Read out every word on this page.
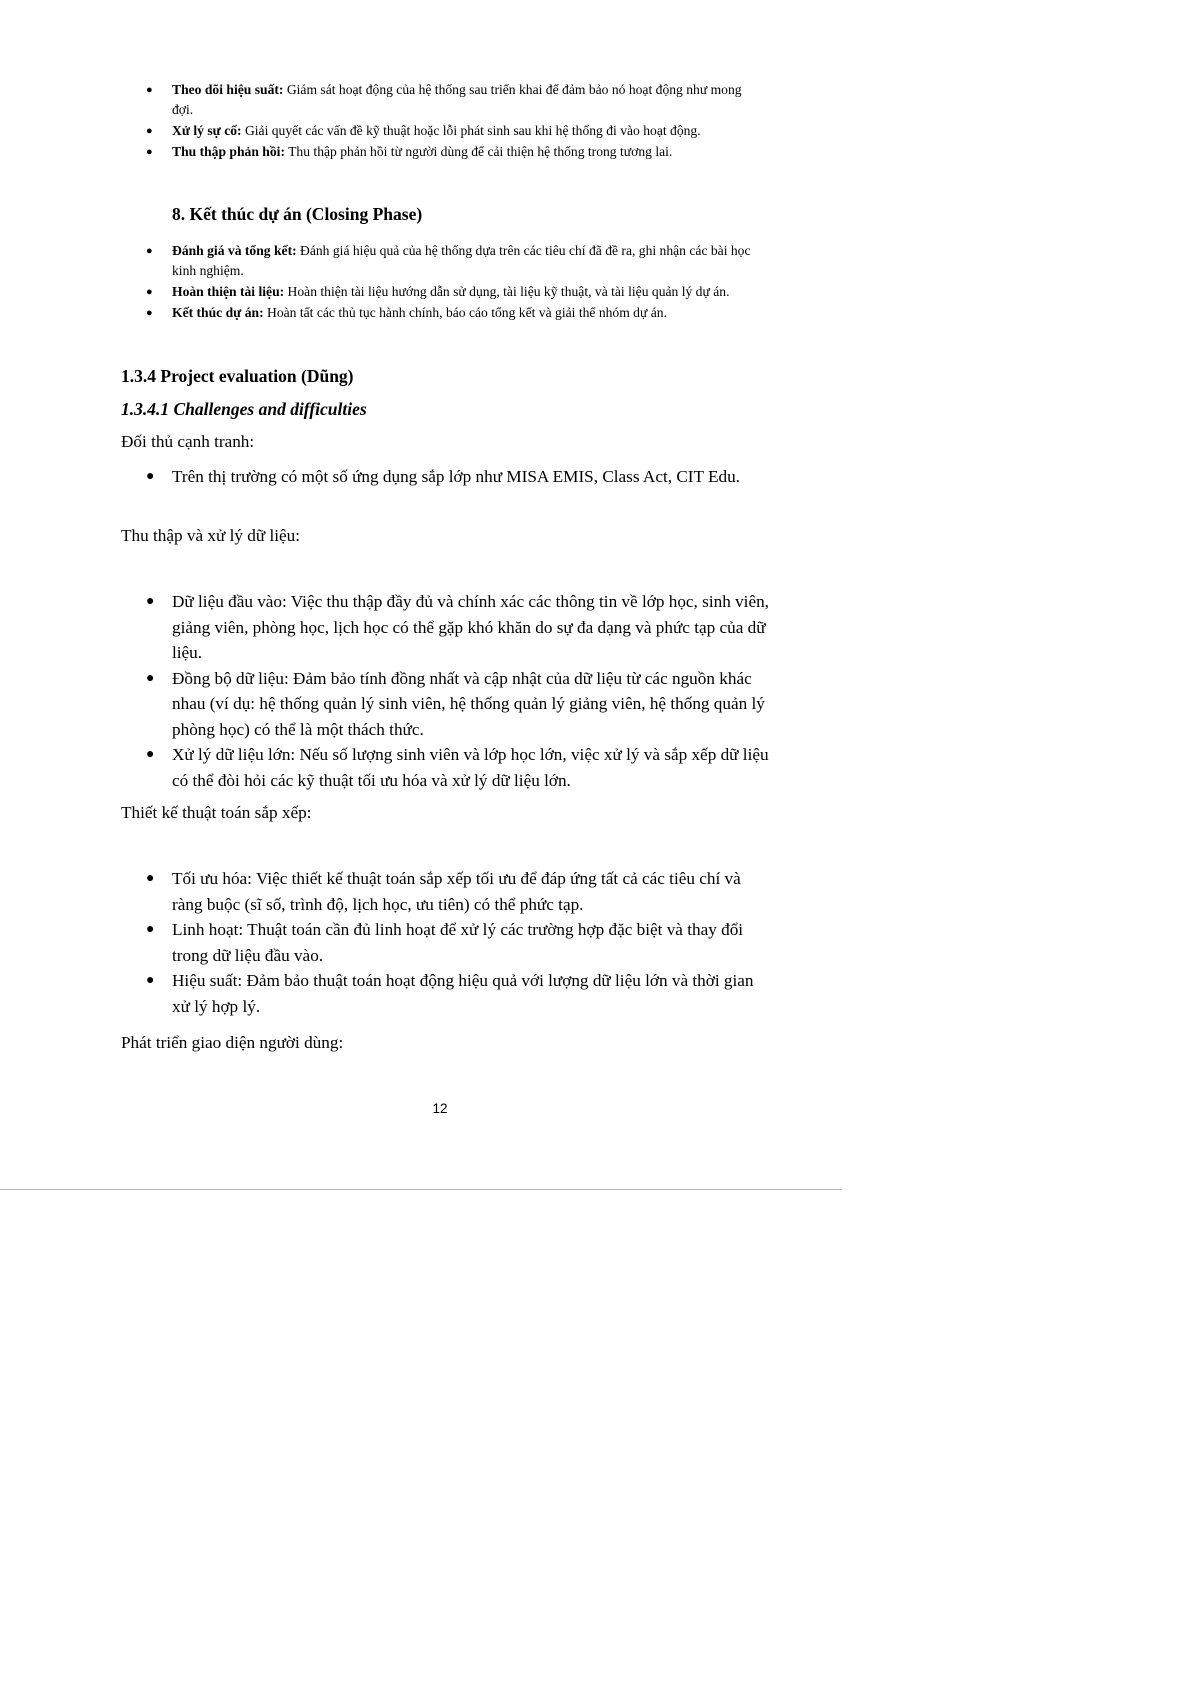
● Theo dõi hiệu suất: Giám sát hoạt động của hệ thống sau triển khai để đảm bảo nó hoạt động như mong đợi.
● Xử lý sự cố: Giải quyết các vấn đề kỹ thuật hoặc lỗi phát sinh sau khi hệ thống đi vào hoạt động.
● Thu thập phản hồi: Thu thập phản hồi từ người dùng để cải thiện hệ thống trong tương lai.
8. Kết thúc dự án (Closing Phase)
● Đánh giá và tổng kết: Đánh giá hiệu quả của hệ thống dựa trên các tiêu chí đã đề ra, ghi nhận các bài học kinh nghiệm.
● Hoàn thiện tài liệu: Hoàn thiện tài liệu hướng dẫn sử dụng, tài liệu kỹ thuật, và tài liệu quản lý dự án.
● Kết thúc dự án: Hoàn tất các thủ tục hành chính, báo cáo tổng kết và giải thể nhóm dự án.
1.3.4 Project evaluation (Dũng)
1.3.4.1 Challenges and difficulties
Đối thủ cạnh tranh:
● Trên thị trường có một số ứng dụng sắp lớp như MISA EMIS, Class Act, CIT Edu.
Thu thập và xử lý dữ liệu:
● Dữ liệu đầu vào: Việc thu thập đầy đủ và chính xác các thông tin về lớp học, sinh viên, giảng viên, phòng học, lịch học có thể gặp khó khăn do sự đa dạng và phức tạp của dữ liệu.
● Đồng bộ dữ liệu: Đảm bảo tính đồng nhất và cập nhật của dữ liệu từ các nguồn khác nhau (ví dụ: hệ thống quản lý sinh viên, hệ thống quản lý giảng viên, hệ thống quản lý phòng học) có thể là một thách thức.
● Xử lý dữ liệu lớn: Nếu số lượng sinh viên và lớp học lớn, việc xử lý và sắp xếp dữ liệu có thể đòi hỏi các kỹ thuật tối ưu hóa và xử lý dữ liệu lớn.
Thiết kế thuật toán sắp xếp:
● Tối ưu hóa: Việc thiết kế thuật toán sắp xếp tối ưu để đáp ứng tất cả các tiêu chí và ràng buộc (sĩ số, trình độ, lịch học, ưu tiên) có thể phức tạp.
● Linh hoạt: Thuật toán cần đủ linh hoạt để xử lý các trường hợp đặc biệt và thay đổi trong dữ liệu đầu vào.
● Hiệu suất: Đảm bảo thuật toán hoạt động hiệu quả với lượng dữ liệu lớn và thời gian xử lý hợp lý.
Phát triển giao diện người dùng:
12
